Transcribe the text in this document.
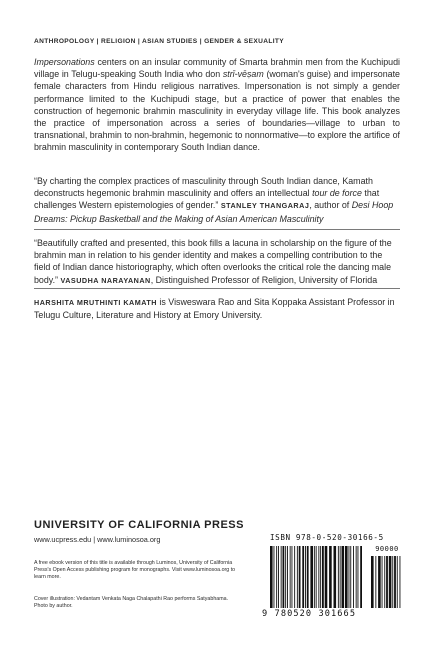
ANTHROPOLOGY | RELIGION | ASIAN STUDIES | GENDER & SEXUALITY

Impersonations centers on an insular community of Smarta brahmin men from the Kuchipudi village in Telugu-speaking South India who don strī-vēṣam (woman's guise) and impersonate female characters from Hindu religious narratives. Impersonation is not simply a gender performance limited to the Kuchipudi stage, but a practice of power that enables the construction of hegemonic brahmin masculinity in everyday village life. This book analyzes the practice of impersonation across a series of boundaries—village to urban to transnational, brahmin to non-brahmin, hegemonic to nonnormative—to explore the artifice of brahmin masculinity in contemporary South Indian dance.

“By charting the complex practices of masculinity through South Indian dance, Kamath deconstructs hegemonic brahmin masculinity and offers an intellectual tour de force that challenges Western epistemologies of gender.” STANLEY THANGARAJ, author of Desi Hoop Dreams: Pickup Basketball and the Making of Asian American Masculinity

“Beautifully crafted and presented, this book fills a lacuna in scholarship on the figure of the brahmin man in relation to his gender identity and makes a compelling contribution to the field of Indian dance historiography, which often overlooks the critical role the dancing male body.” VASUDHA NARAYANAN, Distinguished Professor of Religion, University of Florida

HARSHITA MRUTHINTI KAMATH is Visweswara Rao and Sita Koppaka Assistant Professor in Telugu Culture, Literature and History at Emory University.

UNIVERSITY OF CALIFORNIA PRESS
www.ucpress.edu | www.luminosoa.org

A free ebook version of this title is available through Luminos, University of California Press's Open Access publishing program for monographs. Visit www.luminosoa.org to learn more.

Cover illustration: Vedantam Venkata Naga Chalapathi Rao performs Satyabhama. Photo by author.

ISBN 978-0-520-30166-5
90000
9 780520 301665
